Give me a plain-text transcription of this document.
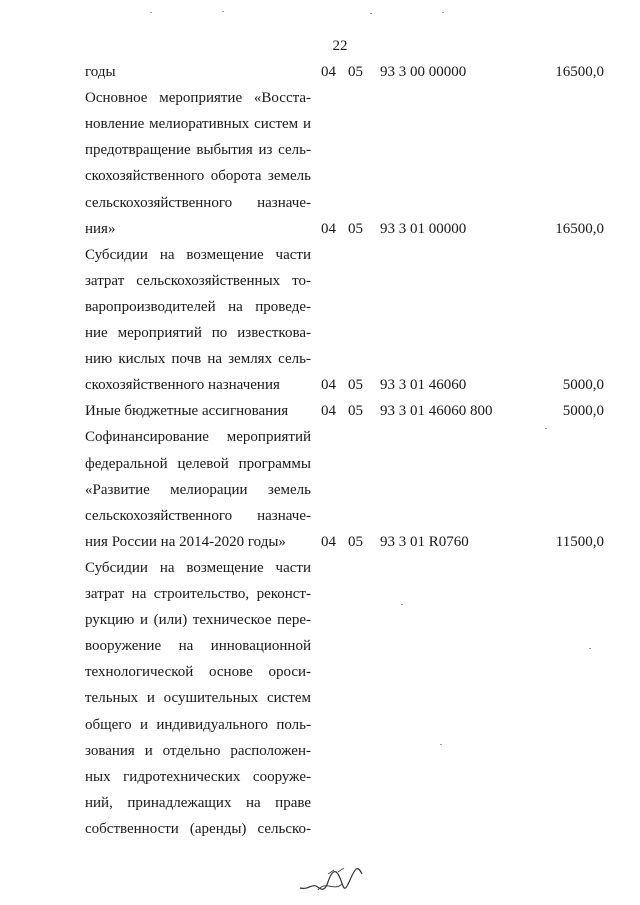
22
годы	04 05 93 3 00 00000	16500,0
Основное мероприятие «Восста-
новление мелиоративных систем и
предотвращение выбытия из сель-
скохозяйственного оборота земель
сельскохозяйственного назначе-
ния»	04 05 93 3 01 00000	16500,0
Субсидии на возмещение части
затрат сельскохозяйственных то-
варопроизводителей на проведе-
ние мероприятий по известкова-
нию кислых почв на землях сель-
скохозяйственного назначения	04 05 93 3 01 46060	5000,0
Иные бюджетные ассигнования 04 05 93 3 01 46060 800	5000,0
Софинансирование мероприятий
федеральной целевой программы
«Развитие мелиорации земель
сельскохозяйственного назначе-
ния России на 2014-2020 годы» 04 05 93 3 01 R0760	11500,0
Субсидии на возмещение части
затрат на строительство, реконст-
рукцию и (или) техническое пере-
вооружение на инновационной
технологической основе ороси-
тельных и осушительных систем
общего и индивидуального поль-
зования и отдельно расположен-
ных гидротехнических сооруже-
ний, принадлежащих на праве
собственности (аренды) сельско-
